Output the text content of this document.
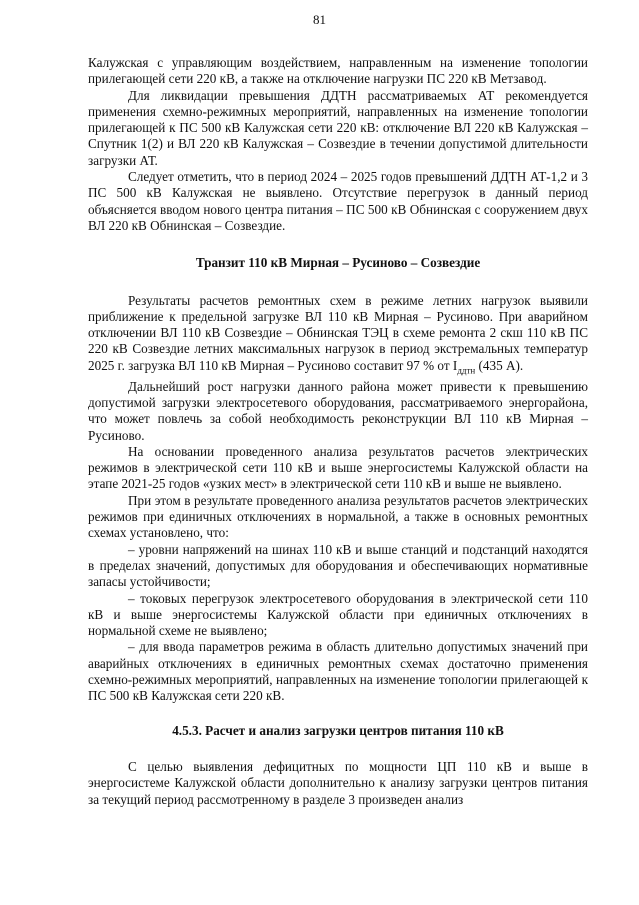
81

Калужская с управляющим воздействием, направленным на изменение топологии прилегающей сети 220 кВ, а также на отключение нагрузки ПС 220 кВ Метзавод.

Для ликвидации превышения ДДТН рассматриваемых АТ рекомендуется применения схемно-режимных мероприятий, направленных на изменение топологии прилегающей к ПС 500 кВ Калужская сети 220 кВ: отключение ВЛ 220 кВ Калужская – Спутник 1(2) и ВЛ 220 кВ Калужская – Созвездие в течении допустимой длительности загрузки АТ.

Следует отметить, что в период 2024 – 2025 годов превышений ДДТН АТ-1,2 и 3 ПС 500 кВ Калужская не выявлено. Отсутствие перегрузок в данный период объясняется вводом нового центра питания – ПС 500 кВ Обнинская с сооружением двух ВЛ 220 кВ Обнинская – Созвездие.

Транзит 110 кВ Мирная – Русиново – Созвездие

Результаты расчетов ремонтных схем в режиме летних нагрузок выявили приближение к предельной загрузке ВЛ 110 кВ Мирная – Русиново. При аварийном отключении ВЛ 110 кВ Созвездие – Обнинская ТЭЦ в схеме ремонта 2 скш 110 кВ ПС 220 кВ Созвездие летних максимальных нагрузок в период экстремальных температур 2025 г. загрузка ВЛ 110 кВ Мирная – Русиново составит 97 % от $I_{ддтн}$ (435 А).

Дальнейший рост нагрузки данного района может привести к превышению допустимой загрузки электросетевого оборудования, рассматриваемого энергорайона, что может повлечь за собой необходимость реконструкции ВЛ 110 кВ Мирная – Русиново.

На основании проведенного анализа результатов расчетов электрических режимов в электрической сети 110 кВ и выше энергосистемы Калужской области на этапе 2021-25 годов «узких мест» в электрической сети 110 кВ и выше не выявлено.

При этом в результате проведенного анализа результатов расчетов электрических режимов при единичных отключениях в нормальной, а также в основных ремонтных схемах установлено, что:

– уровни напряжений на шинах 110 кВ и выше станций и подстанций находятся в пределах значений, допустимых для оборудования и обеспечивающих нормативные запасы устойчивости;

– токовых перегрузок электросетевого оборудования в электрической сети 110 кВ и выше энергосистемы Калужской области при единичных отключениях в нормальной схеме не выявлено;

– для ввода параметров режима в область длительно допустимых значений при аварийных отключениях в единичных ремонтных схемах достаточно применения схемно-режимных мероприятий, направленных на изменение топологии прилегающей к ПС 500 кВ Калужская сети 220 кВ.

4.5.3. Расчет и анализ загрузки центров питания 110 кВ

С целью выявления дефицитных по мощности ЦП 110 кВ и выше в энергосистеме Калужской области дополнительно к анализу загрузки центров питания за текущий период рассмотренному в разделе 3 произведен анализ
